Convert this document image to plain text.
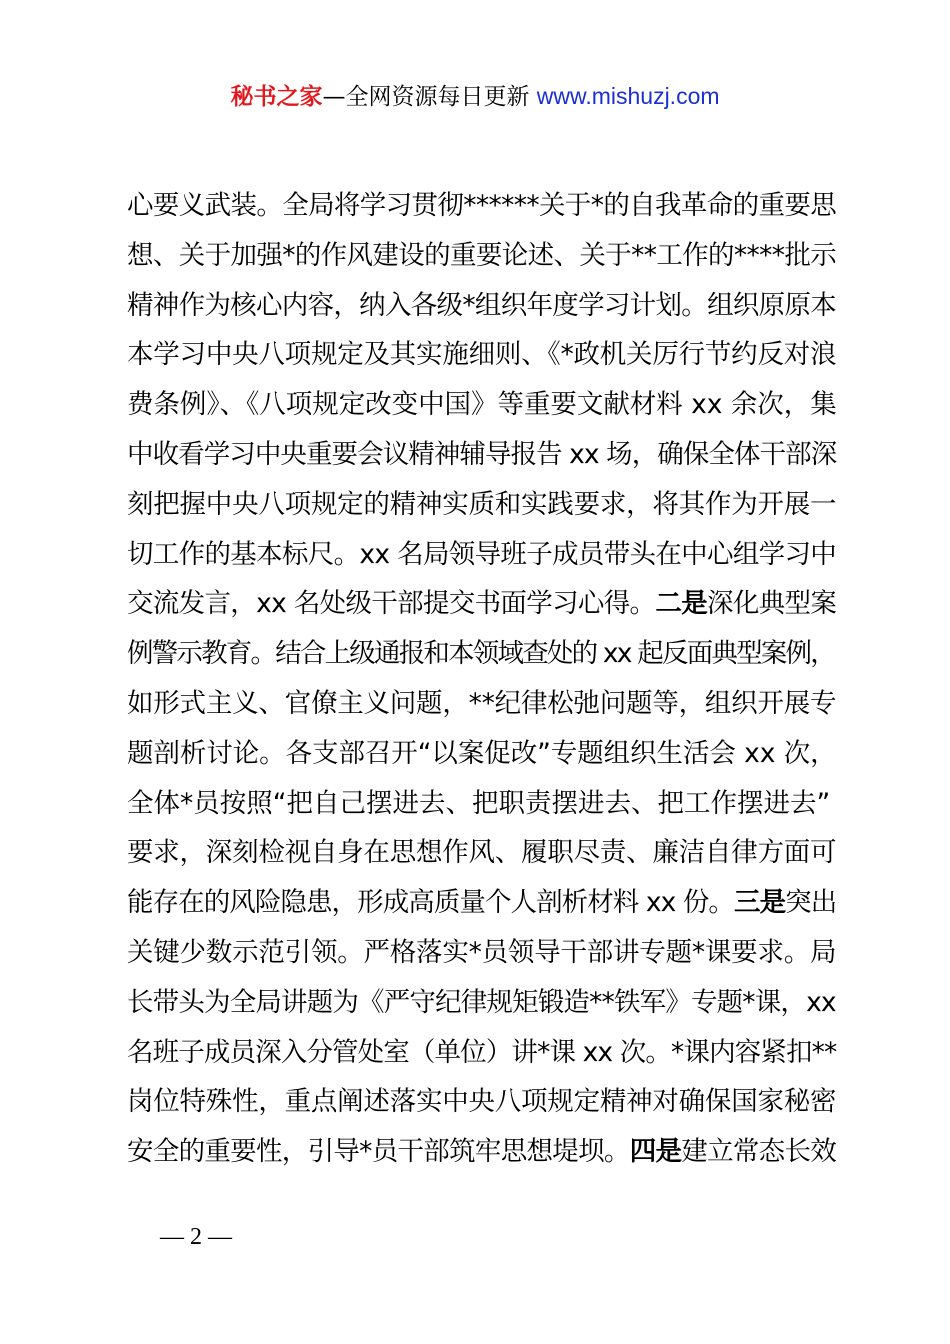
秘书之家—全网资源每日更新 www.mishuzj.com
心要义武装。全局将学习贯彻******关于*的自我革命的重要思
想、关于加强*的作风建设的重要论述、关于**工作的****批示
精神作为核心内容，纳入各级*组织年度学习计划。组织原原本
本学习中央八项规定及其实施细则、《*政机关厉行节约反对浪
费条例》、《八项规定改变中国》等重要文献材料 xx 余次，集
中收看学习中央重要会议精神辅导报告 xx 场，确保全体干部深
刻把握中央八项规定的精神实质和实践要求，将其作为开展一
切工作的基本标尺。xx 名局领导班子成员带头在中心组学习中
交流发言，xx 名处级干部提交书面学习心得。二是深化典型案
例警示教育。结合上级通报和本领域查处的 xx 起反面典型案例，
如形式主义、官僚主义问题，**纪律松弛问题等，组织开展专
题剖析讨论。各支部召开“以案促改”专题组织生活会 xx 次，
全体*员按照“把自己摆进去、把职责摆进去、把工作摆进去”
要求，深刻检视自身在思想作风、履职尽责、廉洁自律方面可
能存在的风险隐患，形成高质量个人剖析材料 xx 份。三是突出
关键少数示范引领。严格落实*员领导干部讲专题*课要求。局
长带头为全局讲题为《严守纪律规矩锻造**铁军》专题*课，xx
名班子成员深入分管处室（单位）讲*课 xx 次。*课内容紧扣**
岗位特殊性，重点阐述落实中央八项规定精神对确保国家秘密
安全的重要性，引导*员干部筑牢思想堤坝。四是建立常态长效
— 2 —
